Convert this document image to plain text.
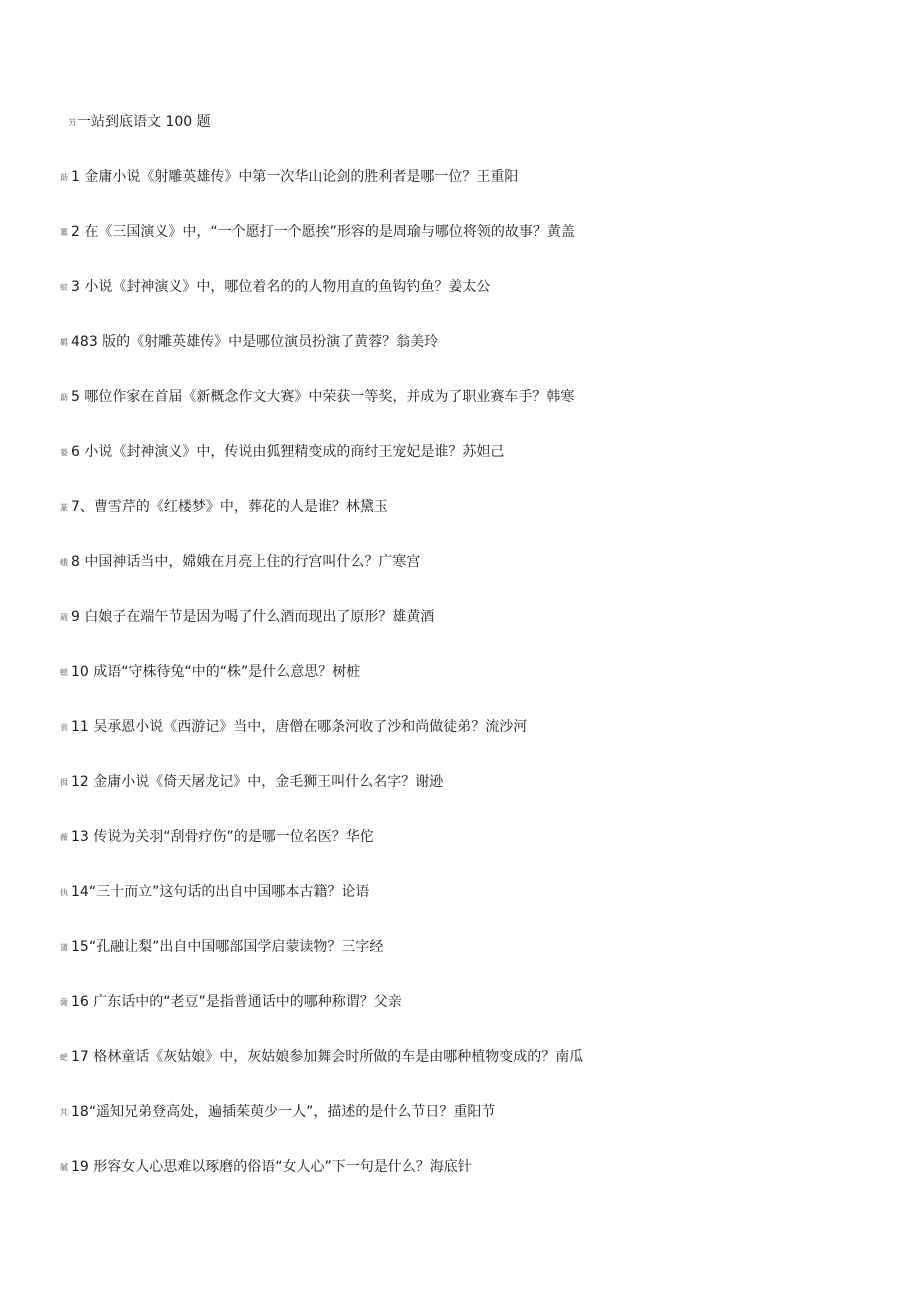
芀一站到底语文 100 题
莇 1 金庸小说《射雕英雄传》中第一次华山论剑的胜利者是哪一位？王重阳
羃 2 在《三国演义》中，“一个愿打一个愿挨”形容的是周瑜与哪位将领的故事？黄盖
蚁 3 小说《封神演义》中，哪位着名的的人物用直的鱼钩钓鱼？姜太公
羁 483 版的《射雕英雄传》中是哪位演员扮演了黄蓉？翁美玲
莇 5 哪位作家在首届《新概念作文大赛》中荣获一等奖，并成为了职业赛车手？韩寒
蒆 6 小说《封神演义》中，传说由狐狸精变成的商纣王宠妃是谁？苏妲己
蒃 7、曹雪芹的《红楼梦》中，葬花的人是谁？林黛玉
蛾 8 中国神话当中，嫦娥在月亮上住的行宫叫什么？广寒宫
葳 9 白娘子在端午节是因为喝了什么酒而现出了原形？雄黄酒
螅 10 成语“守株待兔“中的“株”是什么意思？树桩
袁 11 吴承恩小说《西游记》当中，唐僧在哪条河收了沙和尚做徒弟？流沙河
揖 12 金庸小说《倚天屠龙记》中，金毛狮王叫什么名字？谢逊
薇 13 传说为关羽“刮骨疗伤”的是哪一位名医？华佗
执 14“三十而立”这句话的出自中国哪本古籍？论语
蒲 15“孔融让梨”出自中国哪部国学启蒙读物？三字经
薩 16 广东话中的“老豆”是指普通话中的哪种称谓？父亲
蚆 17 格林童话《灰姑娘》中，灰姑娘参加舞会时所做的车是由哪种植物变成的？南瓜
芃 18“遥知兄弟登高处，遍插茱萸少一人”，描述的是什么节日？重阳节
膩 19 形容女人心思难以琢磨的俗语“女人心”下一句是什么？海底针
